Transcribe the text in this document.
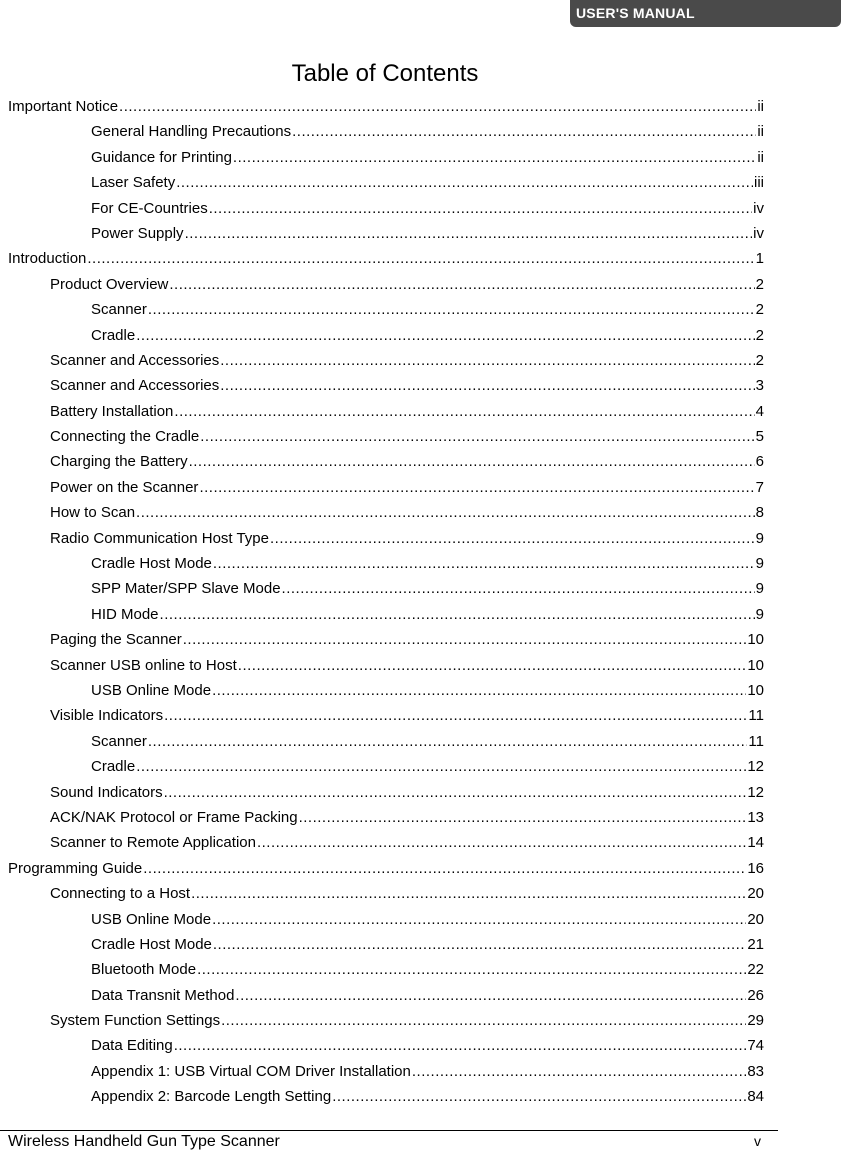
USER'S MANUAL
Table of Contents
Important Notice .....	ii
General Handling Precautions .....	ii
Guidance for Printing .....	ii
Laser Safety .....	iii
For CE-Countries .....	iv
Power Supply .....	iv
Introduction .....	1
Product Overview .....	2
Scanner .....	2
Cradle .....	2
Scanner and Accessories .....	2
Scanner and Accessories .....	3
Battery Installation .....	4
Connecting the Cradle .....	5
Charging the Battery .....	6
Power on the Scanner .....	7
How to Scan .....	8
Radio Communication Host Type .....	9
Cradle Host Mode .....	9
SPP Mater/SPP Slave Mode .....	9
HID Mode .....	9
Paging the Scanner .....	10
Scanner USB online to Host .....	10
USB Online Mode .....	10
Visible Indicators .....	11
Scanner .....	11
Cradle .....	12
Sound Indicators .....	12
ACK/NAK Protocol or Frame Packing .....	13
Scanner to Remote Application .....	14
Programming Guide .....	16
Connecting to a Host .....	20
USB Online Mode .....	20
Cradle Host Mode .....	21
Bluetooth Mode .....	22
Data Transnit Method .....	26
System Function Settings .....	29
Data Editing .....	74
Appendix 1: USB Virtual COM Driver Installation .....	83
Appendix 2: Barcode Length Setting .....	84
Wireless Handheld Gun Type Scanner	v
